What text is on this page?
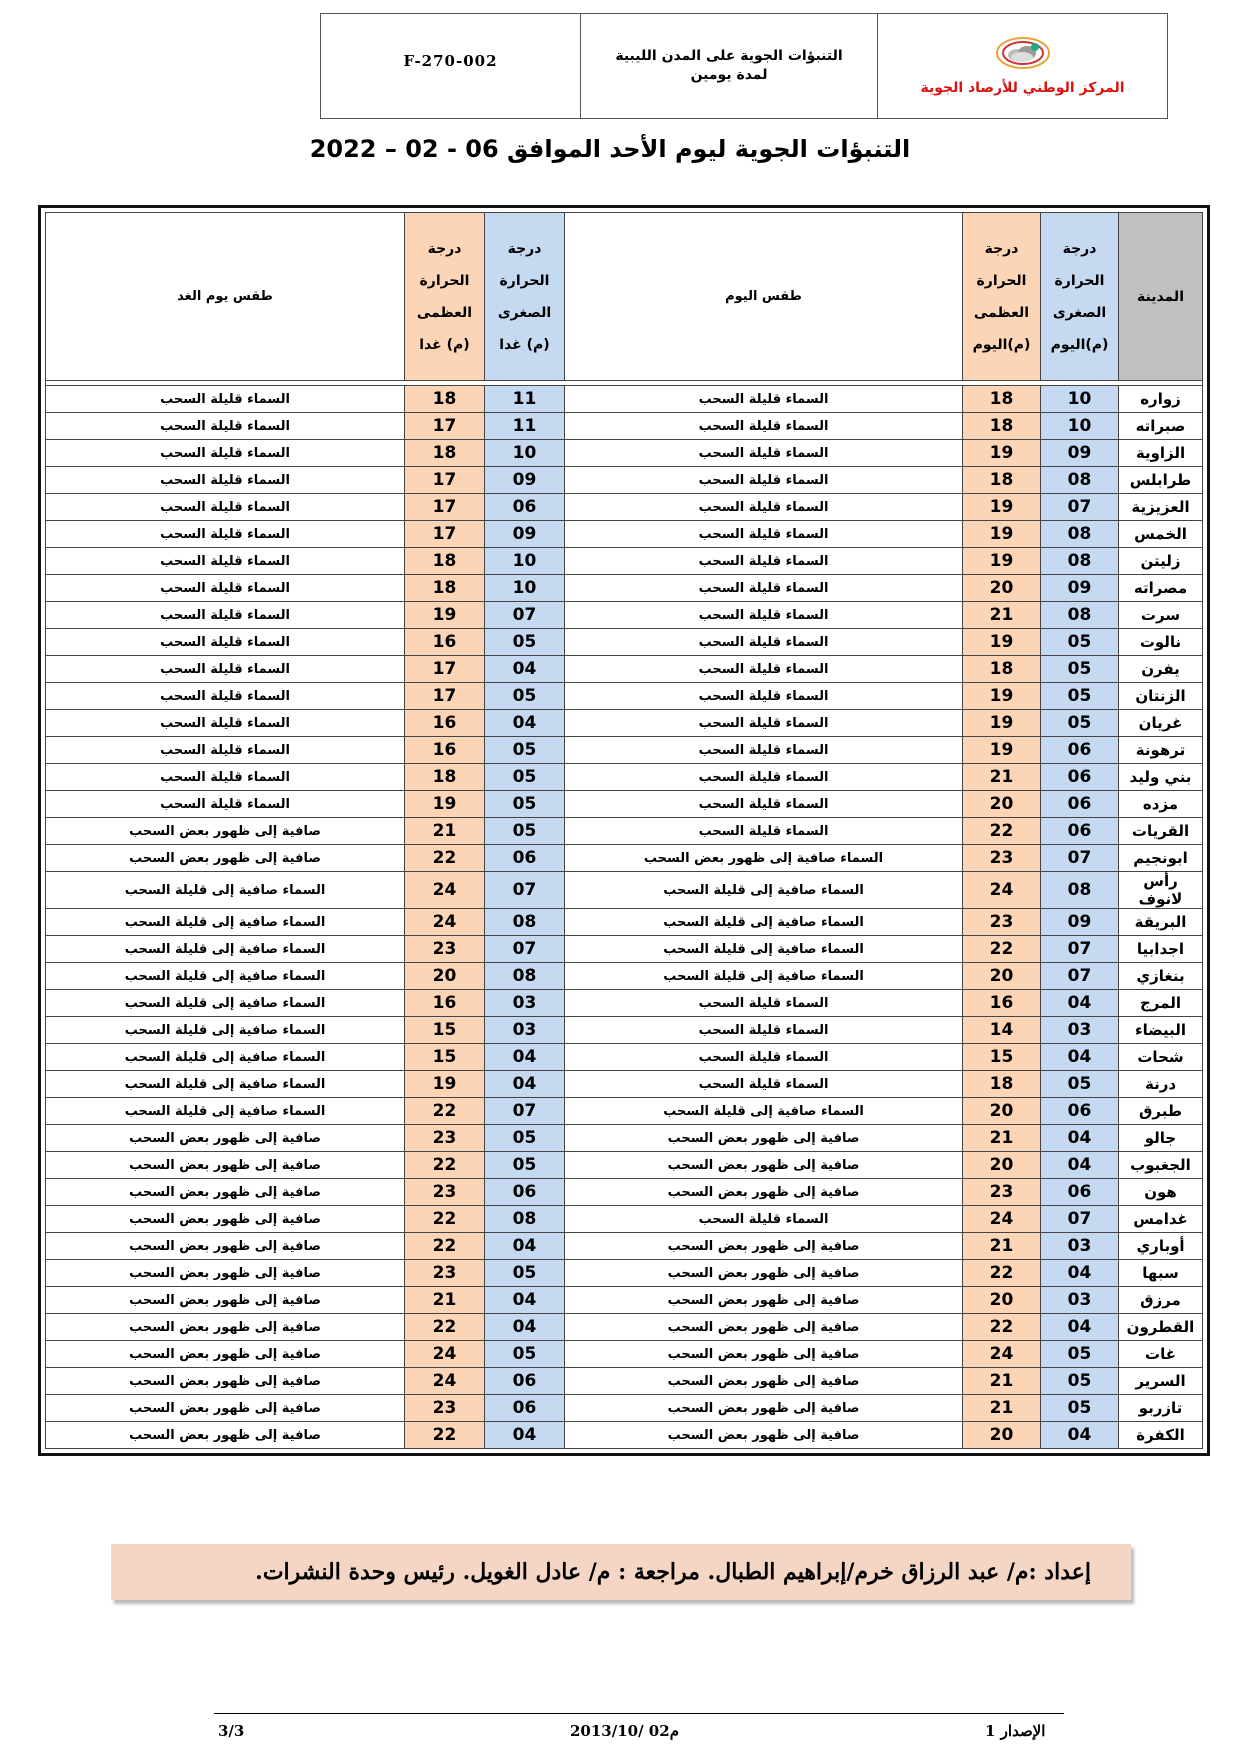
F-270-002	التنبؤات الجوية على المدن الليبية
لمدة يومين
المركز الوطني للأرصاد الجوية
التنبؤات الجوية ليوم الأحد الموافق 06 - 02 – 2022
المدينة	درجة الحرارة الصغرى (م)اليوم	درجة الحرارة العظمى (م)اليوم	طقس اليوم	درجة الحرارة الصغرى (م) غدا	درجة الحرارة العظمى (م) غدا	طقس يوم الغد

زواره	10	18	السماء قليلة السحب	11	18	السماء قليلة السحب
صبراته	10	18	السماء قليلة السحب	11	17	السماء قليلة السحب
الزاوية	09	19	السماء قليلة السحب	10	18	السماء قليلة السحب
طرابلس	08	18	السماء قليلة السحب	09	17	السماء قليلة السحب
العزيزية	07	19	السماء قليلة السحب	06	17	السماء قليلة السحب
الخمس	08	19	السماء قليلة السحب	09	17	السماء قليلة السحب
زليتن	08	19	السماء قليلة السحب	10	18	السماء قليلة السحب
مصراته	09	20	السماء قليلة السحب	10	18	السماء قليلة السحب
سرت	08	21	السماء قليلة السحب	07	19	السماء قليلة السحب
نالوت	05	19	السماء قليلة السحب	05	16	السماء قليلة السحب
يفرن	05	18	السماء قليلة السحب	04	17	السماء قليلة السحب
الزنتان	05	19	السماء قليلة السحب	05	17	السماء قليلة السحب
غريان	05	19	السماء قليلة السحب	04	16	السماء قليلة السحب
ترهونة	06	19	السماء قليلة السحب	05	16	السماء قليلة السحب
بني وليد	06	21	السماء قليلة السحب	05	18	السماء قليلة السحب
مزده	06	20	السماء قليلة السحب	05	19	السماء قليلة السحب
القريات	06	22	السماء قليلة السحب	05	21	صافية إلى ظهور بعض السحب
ابونجيم	07	23	السماء صافية إلى ظهور بعض السحب	06	22	صافية إلى ظهور بعض السحب
رأس لانوف	08	24	السماء صافية إلى قليلة السحب	07	24	السماء صافية إلى قليلة السحب
البريقة	09	23	السماء صافية إلى قليلة السحب	08	24	السماء صافية إلى قليلة السحب
اجدابيا	07	22	السماء صافية إلى قليلة السحب	07	23	السماء صافية إلى قليلة السحب
بنغازي	07	20	السماء صافية إلى قليلة السحب	08	20	السماء صافية إلى قليلة السحب
المرج	04	16	السماء قليلة السحب	03	16	السماء صافية إلى قليلة السحب
البيضاء	03	14	السماء قليلة السحب	03	15	السماء صافية إلى قليلة السحب
شحات	04	15	السماء قليلة السحب	04	15	السماء صافية إلى قليلة السحب
درنة	05	18	السماء قليلة السحب	04	19	السماء صافية إلى قليلة السحب
طبرق	06	20	السماء صافية إلى قليلة السحب	07	22	السماء صافية إلى قليلة السحب
جالو	04	21	صافية إلى ظهور بعض السحب	05	23	صافية إلى ظهور بعض السحب
الجغبوب	04	20	صافية إلى ظهور بعض السحب	05	22	صافية إلى ظهور بعض السحب
هون	06	23	صافية إلى ظهور بعض السحب	06	23	صافية إلى ظهور بعض السحب
غدامس	07	24	السماء قليلة السحب	08	22	صافية إلى ظهور بعض السحب
أوباري	03	21	صافية إلى ظهور بعض السحب	04	22	صافية إلى ظهور بعض السحب
سبها	04	22	صافية إلى ظهور بعض السحب	05	23	صافية إلى ظهور بعض السحب
مرزق	03	20	صافية إلى ظهور بعض السحب	04	21	صافية إلى ظهور بعض السحب
القطرون	04	22	صافية إلى ظهور بعض السحب	04	22	صافية إلى ظهور بعض السحب
غات	05	24	صافية إلى ظهور بعض السحب	05	24	صافية إلى ظهور بعض السحب
السرير	05	21	صافية إلى ظهور بعض السحب	06	24	صافية إلى ظهور بعض السحب
تازربو	05	21	صافية إلى ظهور بعض السحب	06	23	صافية إلى ظهور بعض السحب
الكفرة	04	20	صافية إلى ظهور بعض السحب	04	22	صافية إلى ظهور بعض السحب
إعداد :م/ عبد الرزاق خرم/إبراهيم الطبال. مراجعة : م/ عادل الغويل. رئيس وحدة النشرات.
الإصدار 1
2013/10/ 02م
3/3
